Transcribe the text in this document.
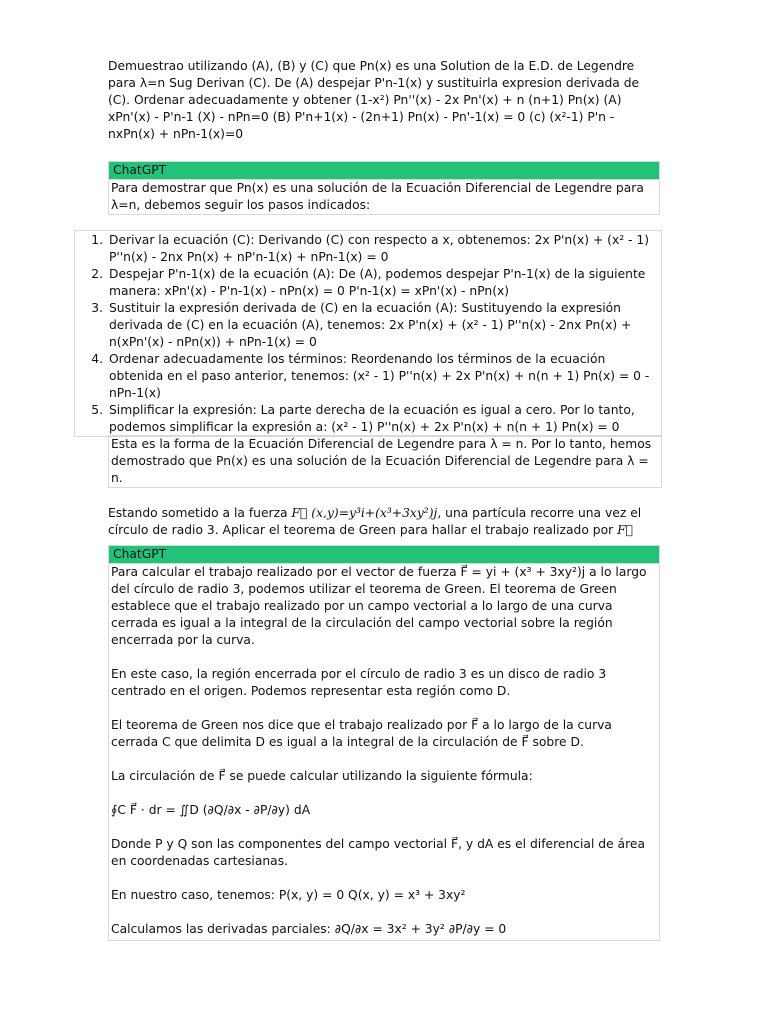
Demuestrao utilizando (A), (B) y (C) que Pn(x) es una Solution de la E.D. de Legendre para λ=n Sug Derivan (C). De (A) despejar P'n-1(x) y sustituirla expresion derivada de (C). Ordenar adecuadamente y obtener (1-x²) Pn''(x) - 2x Pn'(x) + n (n+1) Pn(x) (A) xPn'(x) - P'n-1 (X) - nPn=0 (B) P'n+1(x) - (2n+1) Pn(x) - Pn'-1(x) = 0 (c) (x²-1) P'n - nxPn(x) + nPn-1(x)=0

ChatGPT
Para demostrar que Pn(x) es una solución de la Ecuación Diferencial de Legendre para λ=n, debemos seguir los pasos indicados:
1. Derivar la ecuación (C): Derivando (C) con respecto a x, obtenemos: 2x P'n(x) + (x² - 1) P''n(x) - 2nx Pn(x) + nP'n-1(x) + nPn-1(x) = 0
2. Despejar P'n-1(x) de la ecuación (A): De (A), podemos despejar P'n-1(x) de la siguiente manera: xPn'(x) - P'n-1(x) - nPn(x) = 0 P'n-1(x) = xPn'(x) - nPn(x)
3. Sustituir la expresión derivada de (C) en la ecuación (A): Sustituyendo la expresión derivada de (C) en la ecuación (A), tenemos: 2x P'n(x) + (x² - 1) P''n(x) - 2nx Pn(x) + n(xPn'(x) - nPn(x)) + nPn-1(x) = 0
4. Ordenar adecuadamente los términos: Reordenando los términos de la ecuación obtenida en el paso anterior, tenemos: (x² - 1) P''n(x) + 2x P'n(x) + n(n + 1) Pn(x) = 0 - nPn-1(x)
5. Simplificar la expresión: La parte derecha de la ecuación es igual a cero. Por lo tanto, podemos simplificar la expresión a: (x² - 1) P''n(x) + 2x P'n(x) + n(n + 1) Pn(x) = 0
Esta es la forma de la Ecuación Diferencial de Legendre para λ = n. Por lo tanto, hemos demostrado que Pn(x) es una solución de la Ecuación Diferencial de Legendre para λ = n.

Estando sometido a la fuerza F⃗ (x,y)=y³i+(x³+3xy²)j, una partícula recorre una vez el círculo de radio 3. Aplicar el teorema de Green para hallar el trabajo realizado por F⃗

ChatGPT
Para calcular el trabajo realizado por el vector de fuerza F⃗ = yi + (x³ + 3xy²)j a lo largo del círculo de radio 3, podemos utilizar el teorema de Green. El teorema de Green establece que el trabajo realizado por un campo vectorial a lo largo de una curva cerrada es igual a la integral de la circulación del campo vectorial sobre la región encerrada por la curva.
En este caso, la región encerrada por el círculo de radio 3 es un disco de radio 3 centrado en el origen. Podemos representar esta región como D.
El teorema de Green nos dice que el trabajo realizado por F⃗ a lo largo de la curva cerrada C que delimita D es igual a la integral de la circulación de F⃗ sobre D.
La circulación de F⃗ se puede calcular utilizando la siguiente fórmula:
∮C F⃗ · dr = ∬D (∂Q/∂x - ∂P/∂y) dA
Donde P y Q son las componentes del campo vectorial F⃗, y dA es el diferencial de área en coordenadas cartesianas.
En nuestro caso, tenemos: P(x, y) = 0 Q(x, y) = x³ + 3xy²
Calculamos las derivadas parciales: ∂Q/∂x = 3x² + 3y² ∂P/∂y = 0
